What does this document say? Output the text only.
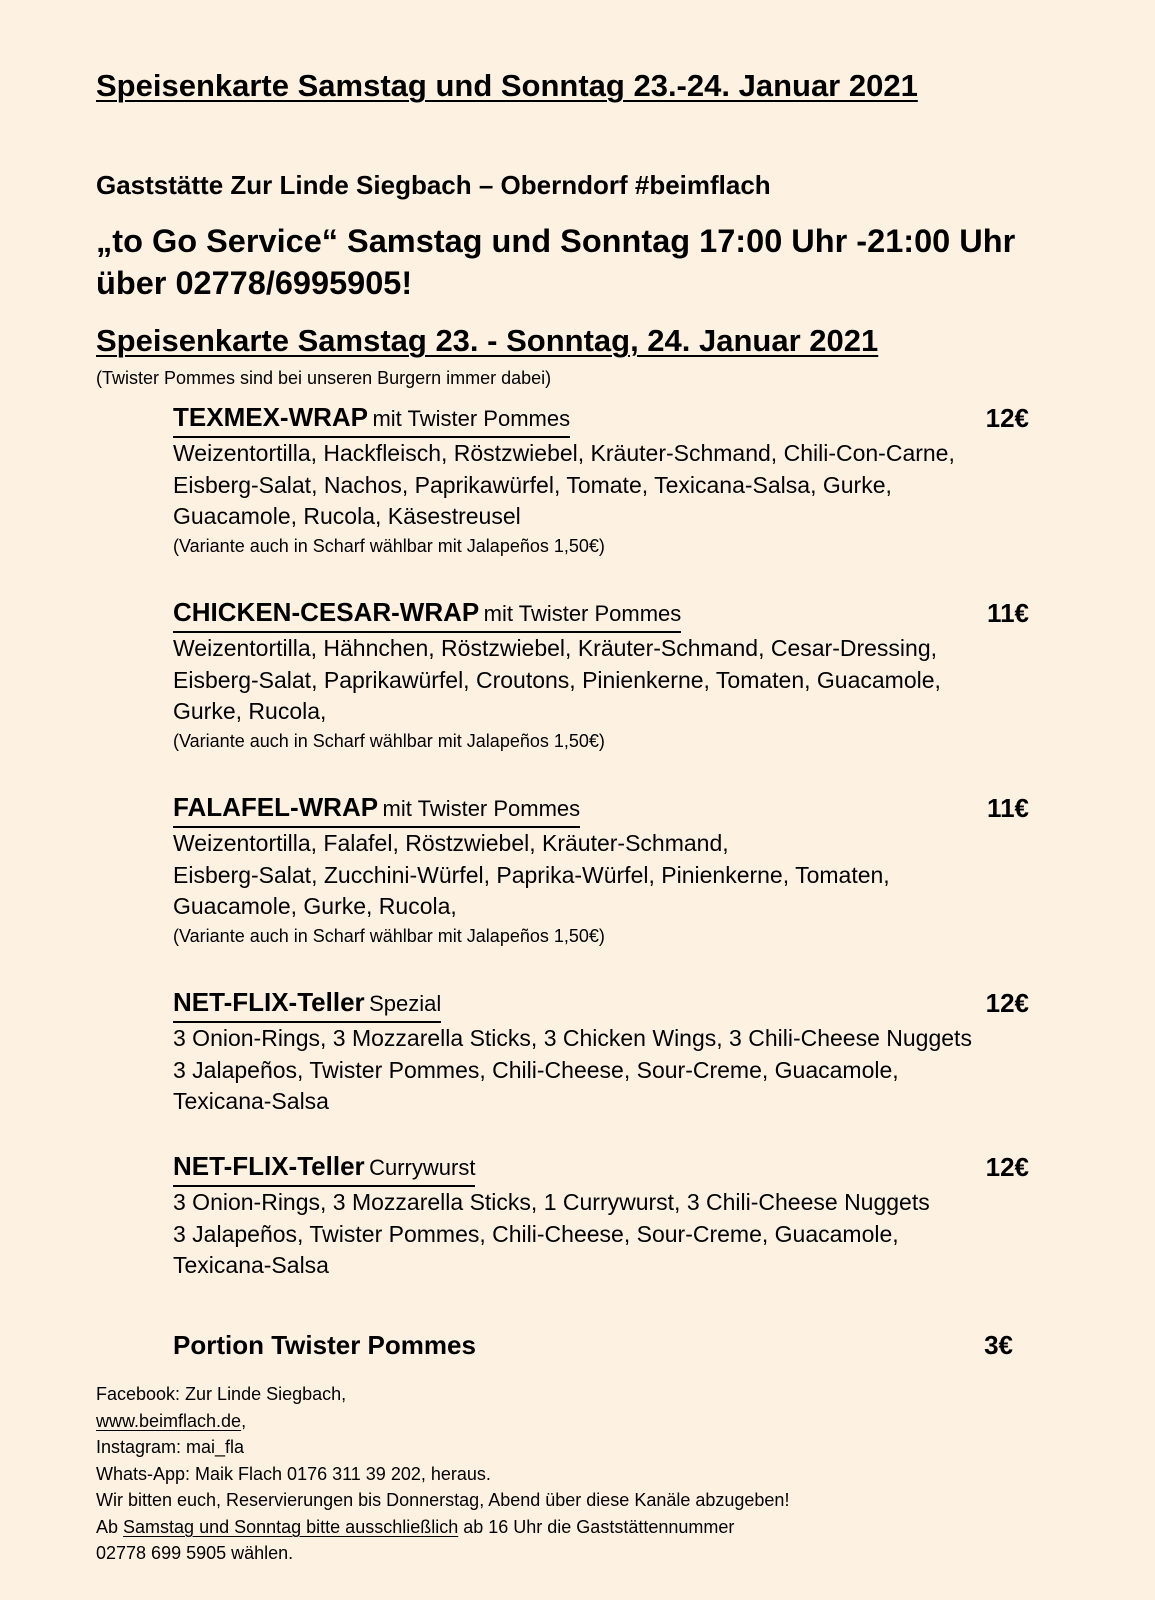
Speisenkarte Samstag und Sonntag 23.-24. Januar 2021
Gaststätte Zur Linde Siegbach – Oberndorf #beimflach
„to Go Service“ Samstag und Sonntag 17:00 Uhr -21:00 Uhr
über 02778/6995905!
Speisenkarte Samstag 23. - Sonntag, 24. Januar 2021
(Twister Pommes sind bei unseren Burgern immer dabei)
TEXMEX-WRAP mit Twister Pommes	12€
Weizentortilla, Hackfleisch, Röstzwiebel, Kräuter-Schmand, Chili-Con-Carne,
Eisberg-Salat, Nachos, Paprikawürfel, Tomate, Texicana-Salsa, Gurke,
Guacamole, Rucola, Käsestreusel
(Variante auch in Scharf wählbar mit Jalapeños 1,50€)
CHICKEN-CESAR-WRAP mit Twister Pommes	11€
Weizentortilla, Hähnchen, Röstzwiebel, Kräuter-Schmand, Cesar-Dressing,
Eisberg-Salat, Paprikawürfel, Croutons, Pinienkerne, Tomaten, Guacamole,
Gurke, Rucola,
(Variante auch in Scharf wählbar mit Jalapeños 1,50€)
FALAFEL-WRAP mit Twister Pommes	11€
Weizentortilla, Falafel, Röstzwiebel, Kräuter-Schmand,
Eisberg-Salat, Zucchini-Würfel, Paprika-Würfel, Pinienkerne, Tomaten,
Guacamole, Gurke, Rucola,
(Variante auch in Scharf wählbar mit Jalapeños 1,50€)
NET-FLIX-Teller Spezial	12€
3 Onion-Rings, 3 Mozzarella Sticks, 3 Chicken Wings, 3 Chili-Cheese Nuggets
3 Jalapeños, Twister Pommes, Chili-Cheese, Sour-Creme, Guacamole,
Texicana-Salsa
NET-FLIX-Teller Currywurst	12€
3 Onion-Rings, 3 Mozzarella Sticks, 1 Currywurst, 3 Chili-Cheese Nuggets
3 Jalapeños, Twister Pommes, Chili-Cheese, Sour-Creme, Guacamole,
Texicana-Salsa
Portion Twister Pommes	3€
Facebook: Zur Linde Siegbach,
www.beimflach.de,
Instagram: mai_fla
Whats-App: Maik Flach 0176 311 39 202, heraus.
Wir bitten euch, Reservierungen bis Donnerstag, Abend über diese Kanäle abzugeben!
Ab Samstag und Sonntag bitte ausschließlich ab 16 Uhr die Gaststättennummer
02778 699 5905 wählen.
